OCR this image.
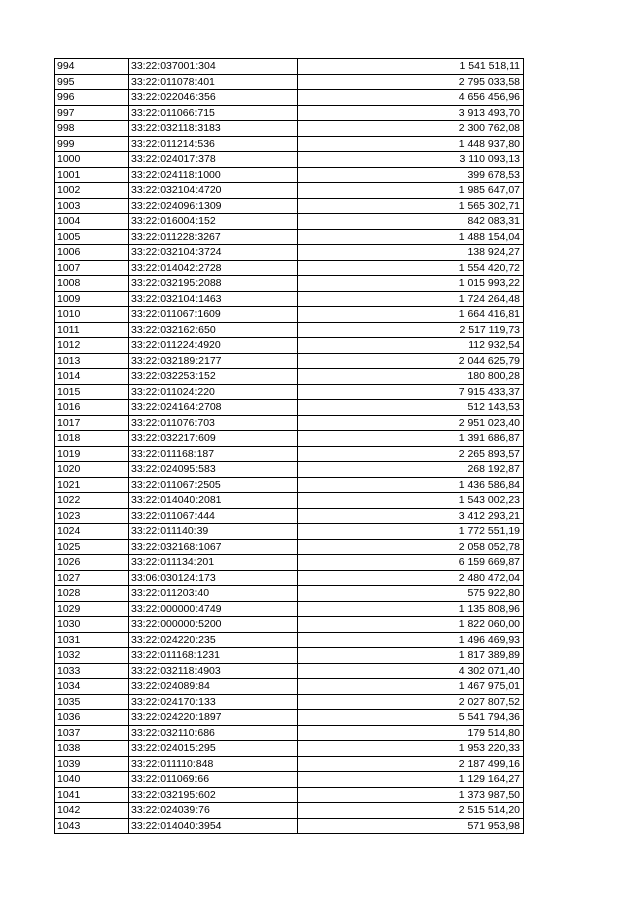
994	33:22:037001:304	1 541 518,11
995	33:22:011078:401	2 795 033,58
996	33:22:022046:356	4 656 456,96
997	33:22:011066:715	3 913 493,70
998	33:22:032118:3183	2 300 762,08
999	33:22:011214:536	1 448 937,80
1000	33:22:024017:378	3 110 093,13
1001	33:22:024118:1000	399 678,53
1002	33:22:032104:4720	1 985 647,07
1003	33:22:024096:1309	1 565 302,71
1004	33:22:016004:152	842 083,31
1005	33:22:011228:3267	1 488 154,04
1006	33:22:032104:3724	138 924,27
1007	33:22:014042:2728	1 554 420,72
1008	33:22:032195:2088	1 015 993,22
1009	33:22:032104:1463	1 724 264,48
1010	33:22:011067:1609	1 664 416,81
1011	33:22:032162:650	2 517 119,73
1012	33:22:011224:4920	112 932,54
1013	33:22:032189:2177	2 044 625,79
1014	33:22:032253:152	180 800,28
1015	33:22:011024:220	7 915 433,37
1016	33:22:024164:2708	512 143,53
1017	33:22:011076:703	2 951 023,40
1018	33:22:032217:609	1 391 686,87
1019	33:22:011168:187	2 265 893,57
1020	33:22:024095:583	268 192,87
1021	33:22:011067:2505	1 436 586,84
1022	33:22:014040:2081	1 543 002,23
1023	33:22:011067:444	3 412 293,21
1024	33:22:011140:39	1 772 551,19
1025	33:22:032168:1067	2 058 052,78
1026	33:22:011134:201	6 159 669,87
1027	33:06:030124:173	2 480 472,04
1028	33:22:011203:40	575 922,80
1029	33:22:000000:4749	1 135 808,96
1030	33:22:000000:5200	1 822 060,00
1031	33:22:024220:235	1 496 469,93
1032	33:22:011168:1231	1 817 389,89
1033	33:22:032118:4903	4 302 071,40
1034	33:22:024089:84	1 467 975,01
1035	33:22:024170:133	2 027 807,52
1036	33:22:024220:1897	5 541 794,36
1037	33:22:032110:686	179 514,80
1038	33:22:024015:295	1 953 220,33
1039	33:22:011110:848	2 187 499,16
1040	33:22:011069:66	1 129 164,27
1041	33:22:032195:602	1 373 987,50
1042	33:22:024039:76	2 515 514,20
1043	33:22:014040:3954	571 953,98
